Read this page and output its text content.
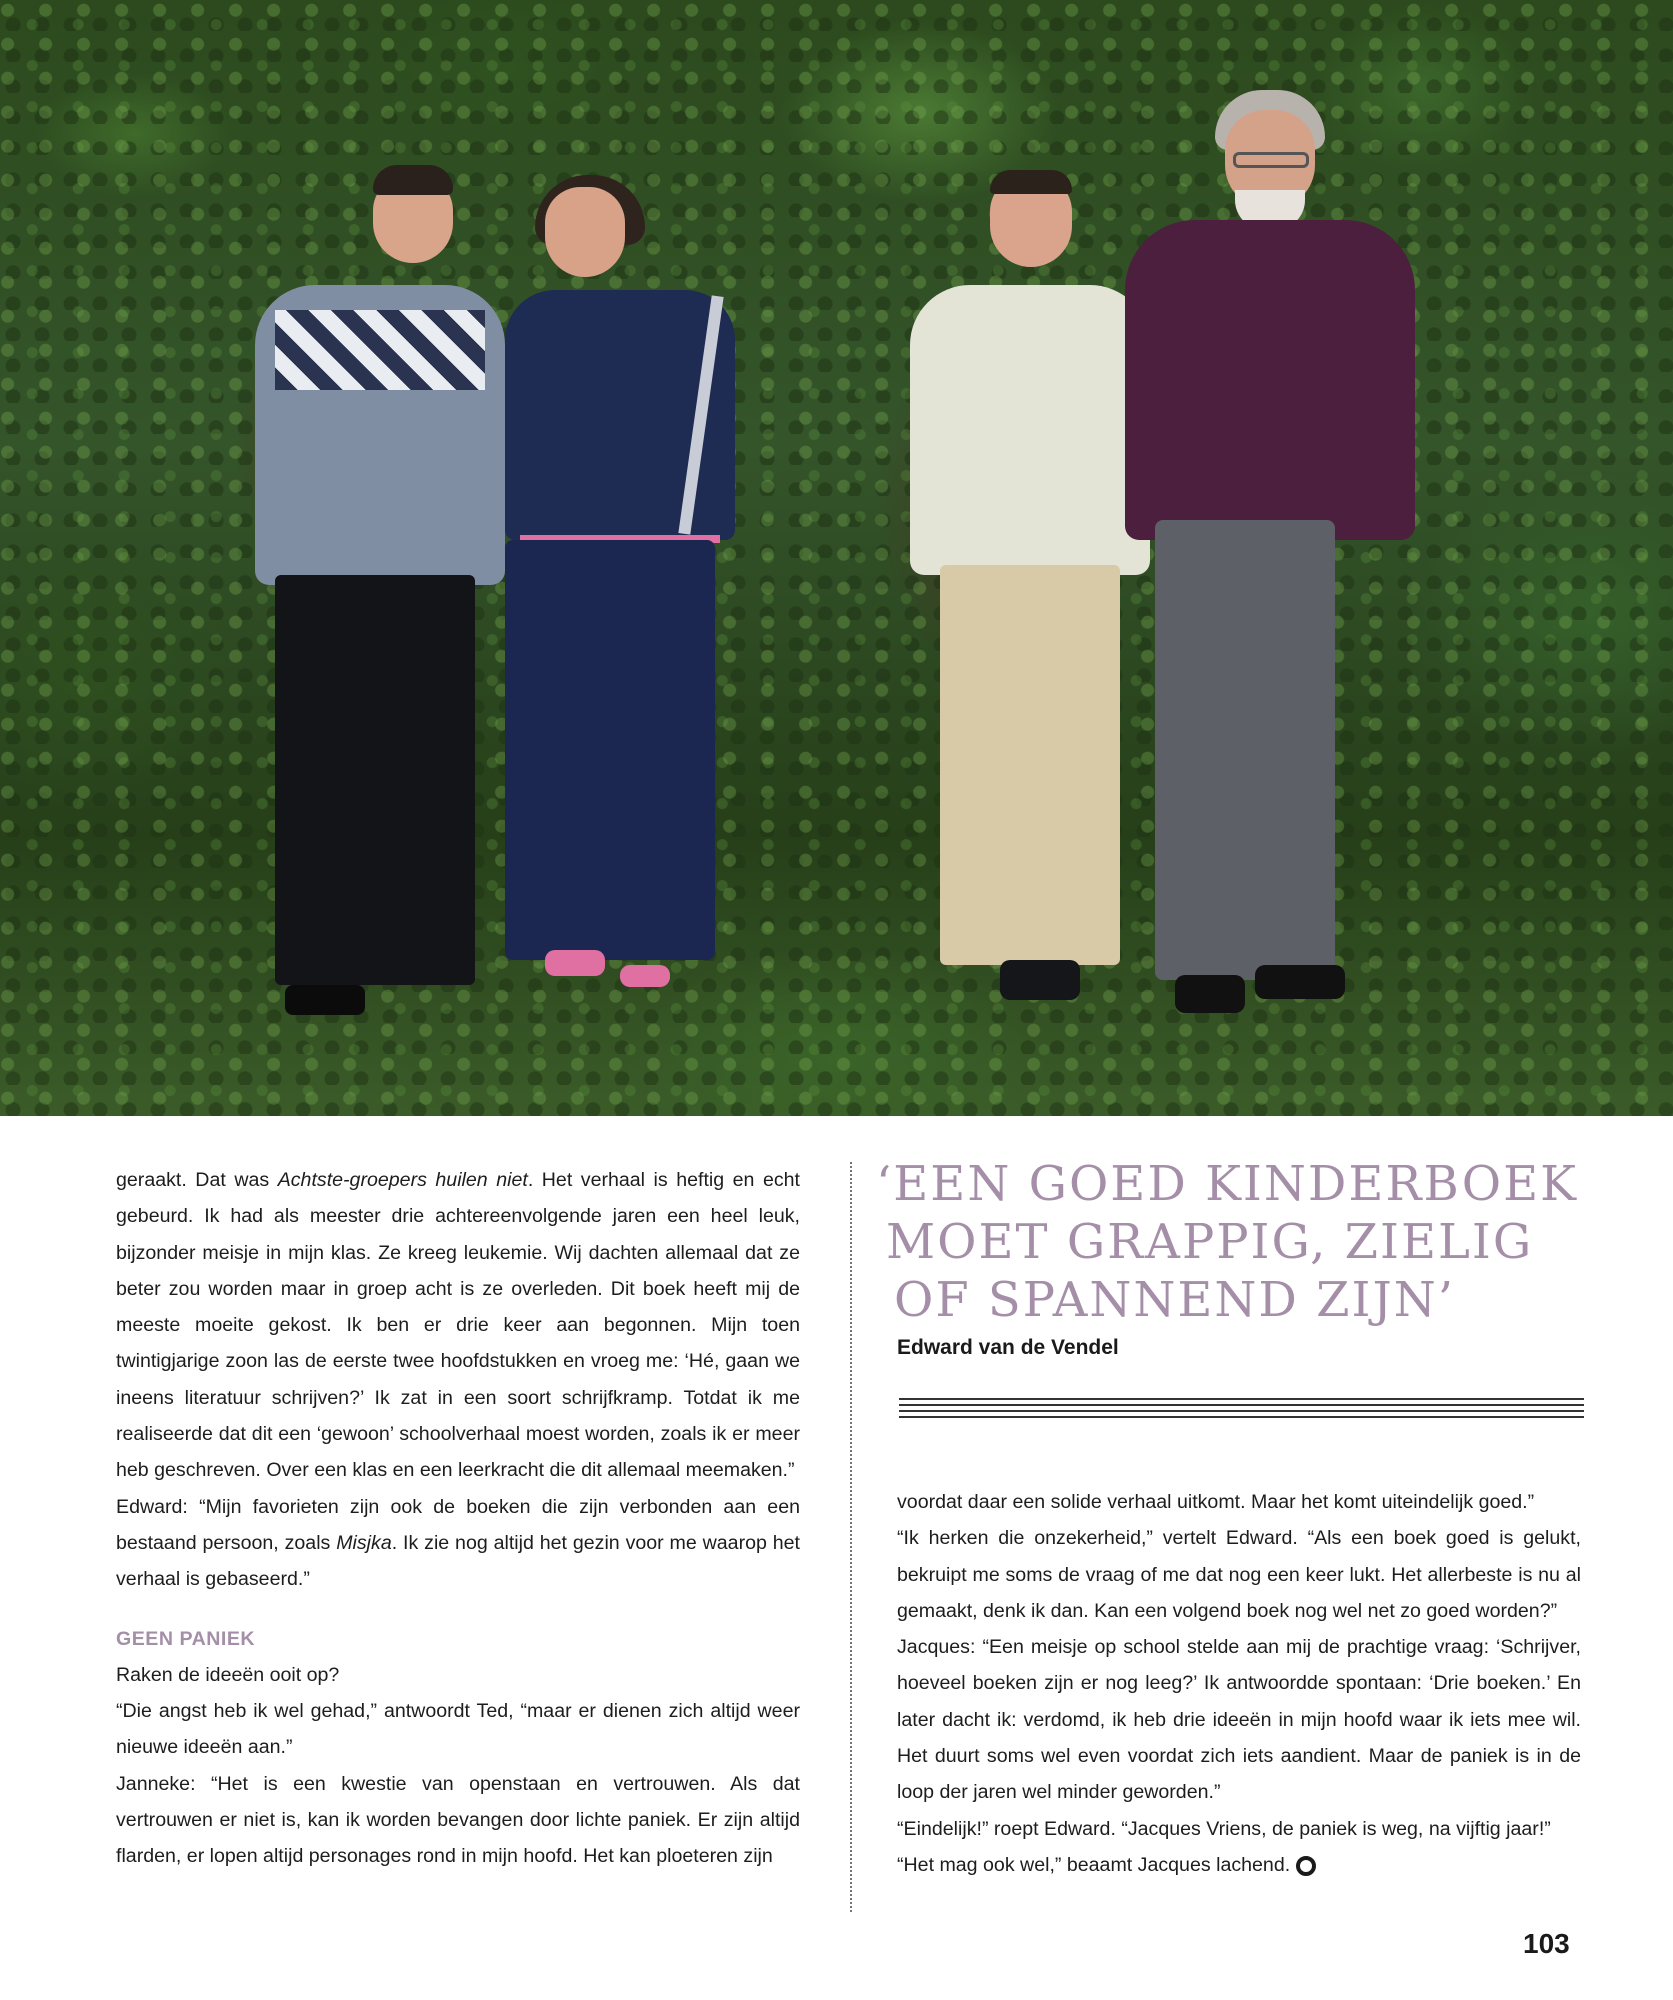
geraakt. Dat was Achtste-groepers huilen niet. Het verhaal is heftig en echt gebeurd. Ik had als meester drie achtereenvolgende jaren een heel leuk, bijzonder meisje in mijn klas. Ze kreeg leukemie. Wij dachten allemaal dat ze beter zou worden maar in groep acht is ze overleden. Dit boek heeft mij de meeste moeite gekost. Ik ben er drie keer aan begonnen. Mijn toen twintigjarige zoon las de eerste twee hoofdstukken en vroeg me: ‘Hé, gaan we ineens literatuur schrijven?’ Ik zat in een soort schrijfkramp. Totdat ik me realiseerde dat dit een ‘gewoon’ schoolverhaal moest worden, zoals ik er meer heb geschreven. Over een klas en een leerkracht die dit allemaal meemaken.”

Edward: “Mijn favorieten zijn ook de boeken die zijn verbonden aan een bestaand persoon, zoals Misjka. Ik zie nog altijd het gezin voor me waarop het verhaal is gebaseerd.”

GEEN PANIEK

Raken de ideeën ooit op?

“Die angst heb ik wel gehad,” antwoordt Ted, “maar er dienen zich altijd weer nieuwe ideeën aan.”

Janneke: “Het is een kwestie van openstaan en vertrouwen. Als dat vertrouwen er niet is, kan ik worden bevangen door lichte paniek. Er zijn altijd flarden, er lopen altijd personages rond in mijn hoofd. Het kan ploeteren zijn

‘EEN GOED KINDERBOEK
MOET GRAPPIG, ZIELIG
OF SPANNEND ZIJN’
Edward van de Vendel

voordat daar een solide verhaal uitkomt. Maar het komt uiteindelijk goed.”

“Ik herken die onzekerheid,” vertelt Edward. “Als een boek goed is gelukt, bekruipt me soms de vraag of me dat nog een keer lukt. Het allerbeste is nu al gemaakt, denk ik dan. Kan een volgend boek nog wel net zo goed worden?”

Jacques: “Een meisje op school stelde aan mij de prachtige vraag: ‘Schrijver, hoeveel boeken zijn er nog leeg?’ Ik antwoordde spontaan: ‘Drie boeken.’ En later dacht ik: verdomd, ik heb drie ideeën in mijn hoofd waar ik iets mee wil. Het duurt soms wel even voordat zich iets aandient. Maar de paniek is in de loop der jaren wel minder geworden.”

“Eindelijk!” roept Edward. “Jacques Vriens, de paniek is weg, na vijftig jaar!”

“Het mag ook wel,” beaamt Jacques lachend.

103
